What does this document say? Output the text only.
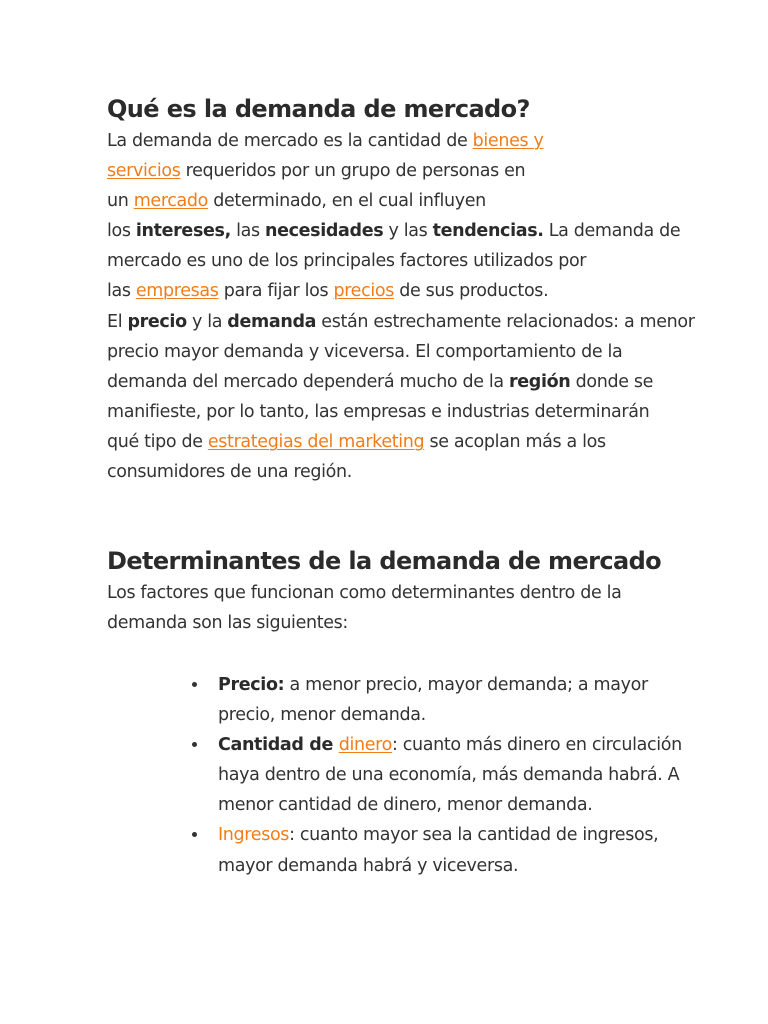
Qué es la demanda de mercado?
La demanda de mercado es la cantidad de bienes y
servicios requeridos por un grupo de personas en
un mercado determinado, en el cual influyen
los intereses, las necesidades y las tendencias. La demanda de
mercado es uno de los principales factores utilizados por
las empresas para fijar los precios de sus productos.
El precio y la demanda están estrechamente relacionados: a menor
precio mayor demanda y viceversa. El comportamiento de la
demanda del mercado dependerá mucho de la región donde se
manifieste, por lo tanto, las empresas e industrias determinarán
qué tipo de estrategias del marketing se acoplan más a los
consumidores de una región.
Determinantes de la demanda de mercado
Los factores que funcionan como determinantes dentro de la
demanda son las siguientes:
Precio: a menor precio, mayor demanda; a mayor
precio, menor demanda.
Cantidad de dinero: cuanto más dinero en circulación
haya dentro de una economía, más demanda habrá. A
menor cantidad de dinero, menor demanda.
Ingresos: cuanto mayor sea la cantidad de ingresos,
mayor demanda habrá y viceversa.
